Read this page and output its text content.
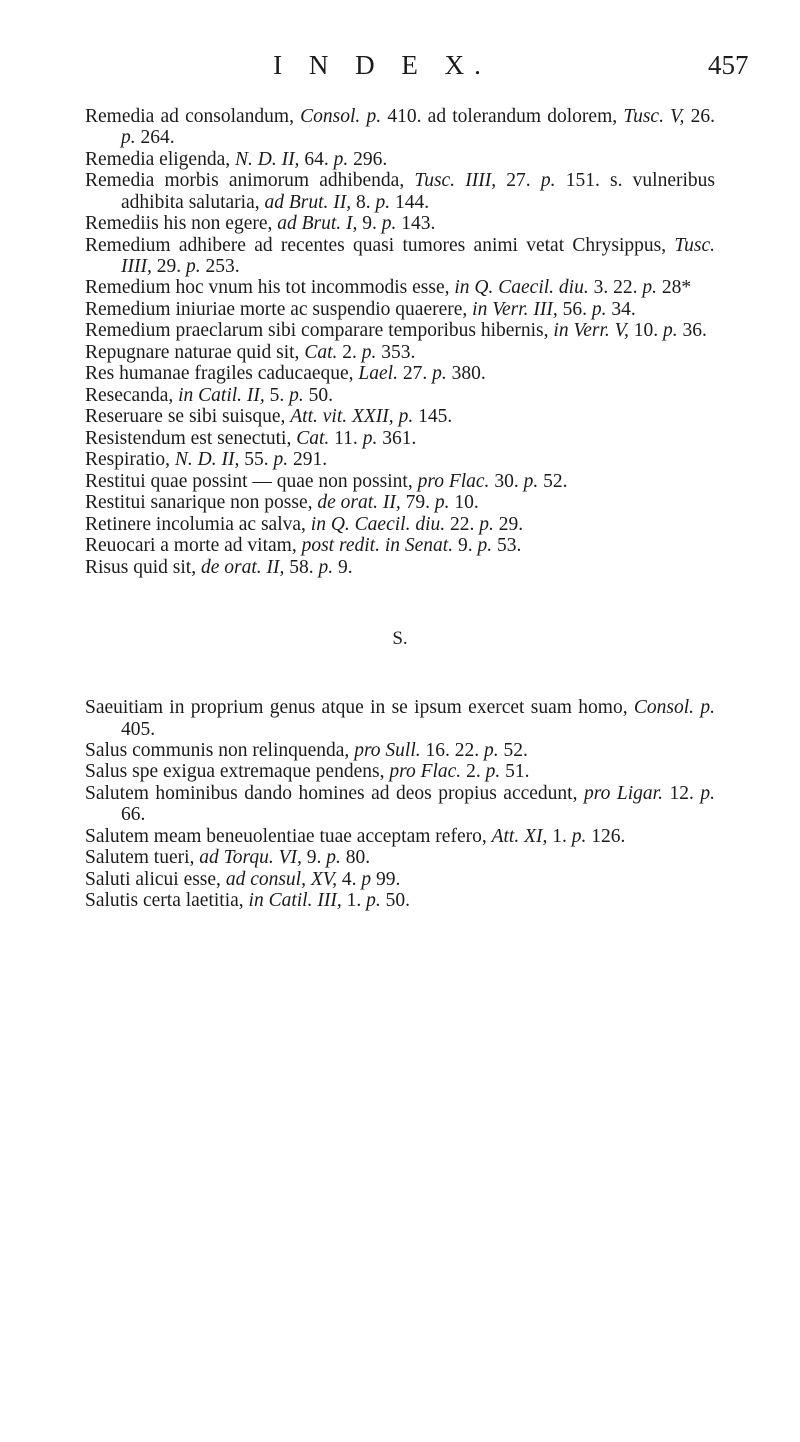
I N D E X.	457

Remedia ad consolandum, Consol. p. 410. ad tolerandum dolorem, Tusc. V, 26. p. 264.

Remedia eligenda, N. D. II, 64. p. 296.

Remedia morbis animorum adhibenda, Tusc. IIII, 27. p. 151. s. vulneribus adhibita salutaria, ad Brut. II, 8. p. 144.

Remediis his non egere, ad Brut. I, 9. p. 143.

Remedium adhibere ad recentes quasi tumores animi vetat Chrysippus, Tusc. IIII, 29. p. 253.

Remedium hoc vnum his tot incommodis esse, in Q. Caecil. diu. 3. 22. p. 28*

Remedium iniuriae morte ac suspendio quaerere, in Verr. III, 56. p. 34.

Remedium praeclarum sibi comparare temporibus hibernis, in Verr. V, 10. p. 36.

Repugnare naturae quid sit, Cat. 2. p. 353.

Res humanae fragiles caducaeque, Lael. 27. p. 380.

Resecanda, in Catil. II, 5. p. 50.

Reseruare se sibi suisque, Att. vit. XXII, p. 145.

Resistendum est senectuti, Cat. 11. p. 361.

Respiratio, N. D. II, 55. p. 291.

Restitui quae possint — quae non possint, pro Flac. 30. p. 52.

Restitui sanarique non posse, de orat. II, 79. p. 10.

Retinere incolumia ac salva, in Q. Caecil. diu. 22. p. 29.

Reuocari a morte ad vitam, post redit. in Senat. 9. p. 53.

Risus quid sit, de orat. II, 58. p. 9.

S.

Saeuitiam in proprium genus atque in se ipsum exercet suam homo, Consol. p. 405.

Salus communis non relinquenda, pro Sull. 16. 22. p. 52.

Salus spe exigua extremaque pendens, pro Flac. 2. p. 51.

Salutem hominibus dando homines ad deos propius accedunt, pro Ligar. 12. p. 66.

Salutem meam beneuolentiae tuae acceptam refero, Att. XI, 1. p. 126.

Salutem tueri, ad Torqu. VI, 9. p. 80.

Saluti alicui esse, ad consul, XV, 4. p 99.

Salutis certa laetitia, in Catil. III, 1. p. 50.
